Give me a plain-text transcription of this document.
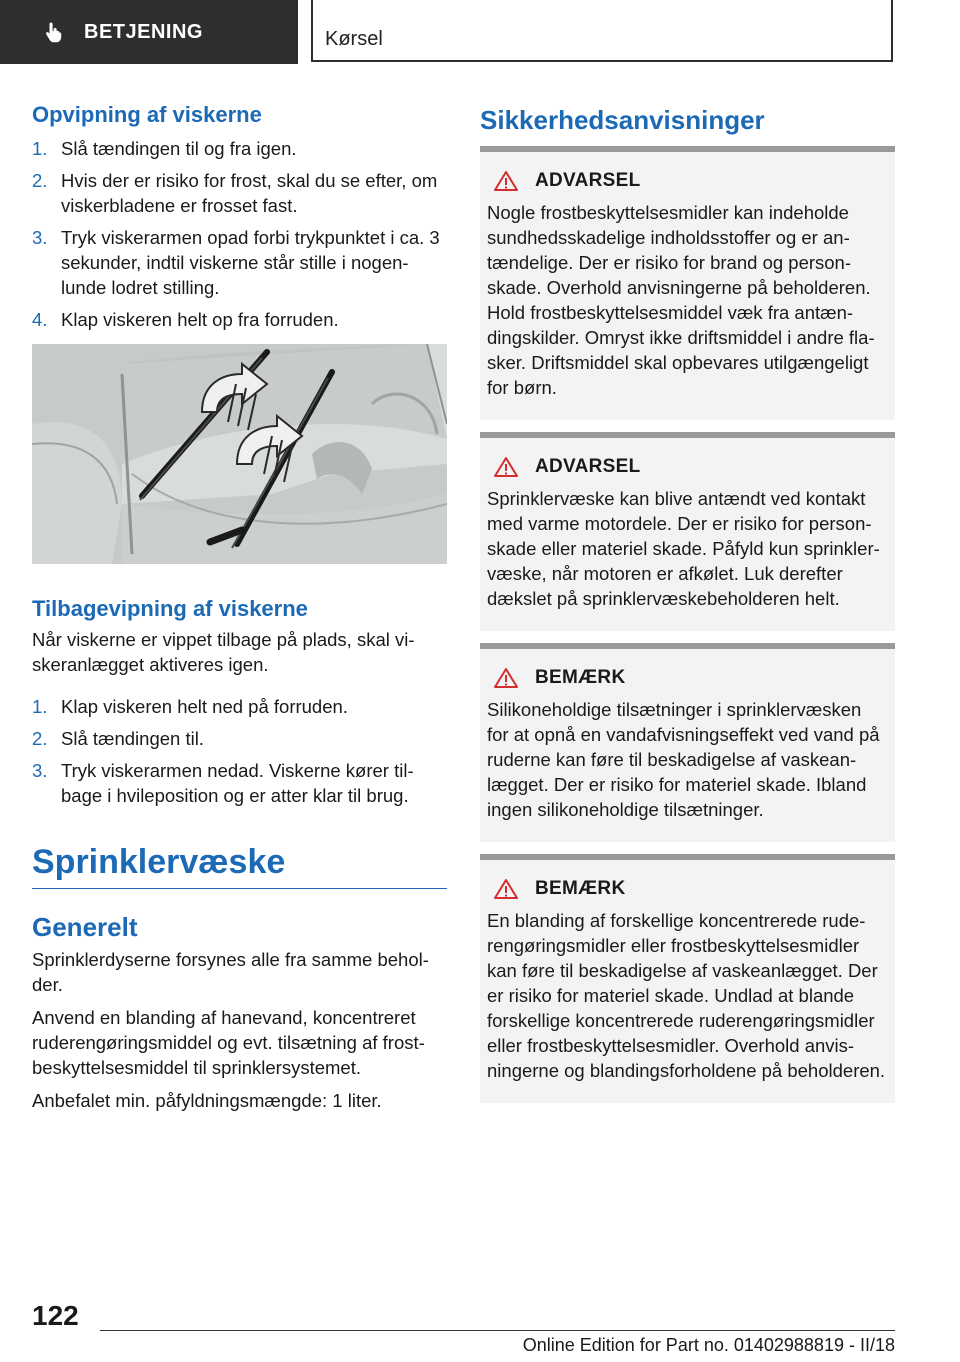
BETJENING	Kørsel
Opvipning af viskerne
1. Slå tændingen til og fra igen.
2. Hvis der er risiko for frost, skal du se efter, om viskerbladene er frosset fast.
3. Tryk viskerarmen opad forbi trykpunktet i ca. 3 sekunder, indtil viskerne står stille i nogenlunde lodret stilling.
4. Klap viskeren helt op fra forruden.
Tilbagevipning af viskerne

Når viskerne er vippet tilbage på plads, skal viskeranlægget aktiveres igen.

1. Klap viskeren helt ned på forruden.
2. Slå tændingen til.
3. Tryk viskerarmen nedad. Viskerne kører tilbage i hvileposition og er atter klar til brug.
Sprinklervæske
Generelt

Sprinklerdyserne forsynes alle fra samme beholder.

Anvend en blanding af hanevand, koncentreret ruderengøringsmiddel og evt. tilsætning af frostbeskyttelsesmiddel til sprinklersystemet.

Anbefalet min. påfyldningsmængde: 1 liter.

Sikkerhedsanvisninger
ADVARSEL

Nogle frostbeskyttelsesmidler kan indeholde sundhedsskadelige indholdsstoffer og er antændelige. Der er risiko for brand og personskade. Overhold anvisningerne på beholderen. Hold frostbeskyttelsesmiddel væk fra antændingskilder. Omryst ikke driftsmiddel i andre flasker. Driftsmiddel skal opbevares utilgængeligt for børn.

ADVARSEL

Sprinklervæske kan blive antændt ved kontakt med varme motordele. Der er risiko for personskade eller materiel skade. Påfyld kun sprinklervæske, når motoren er afkølet. Luk derefter dækslet på sprinklervæskebeholderen helt.

BEMÆRK

Silikoneholdige tilsætninger i sprinklervæsken for at opnå en vandafvisningseffekt ved vand på ruderne kan føre til beskadigelse af vaskeanlægget. Der er risiko for materiel skade. Ibland ingen silikoneholdige tilsætninger.

BEMÆRK

En blanding af forskellige koncentrerede ruderengøringsmidler eller frostbeskyttelsesmidler kan føre til beskadigelse af vaskeanlægget. Der er risiko for materiel skade. Undlad at blande forskellige koncentrerede ruderengøringsmidler eller frostbeskyttelsesmidler. Overhold anvisningerne og blandingsforholdene på beholderen.

122
Online Edition for Part no. 01402988819 - II/18
